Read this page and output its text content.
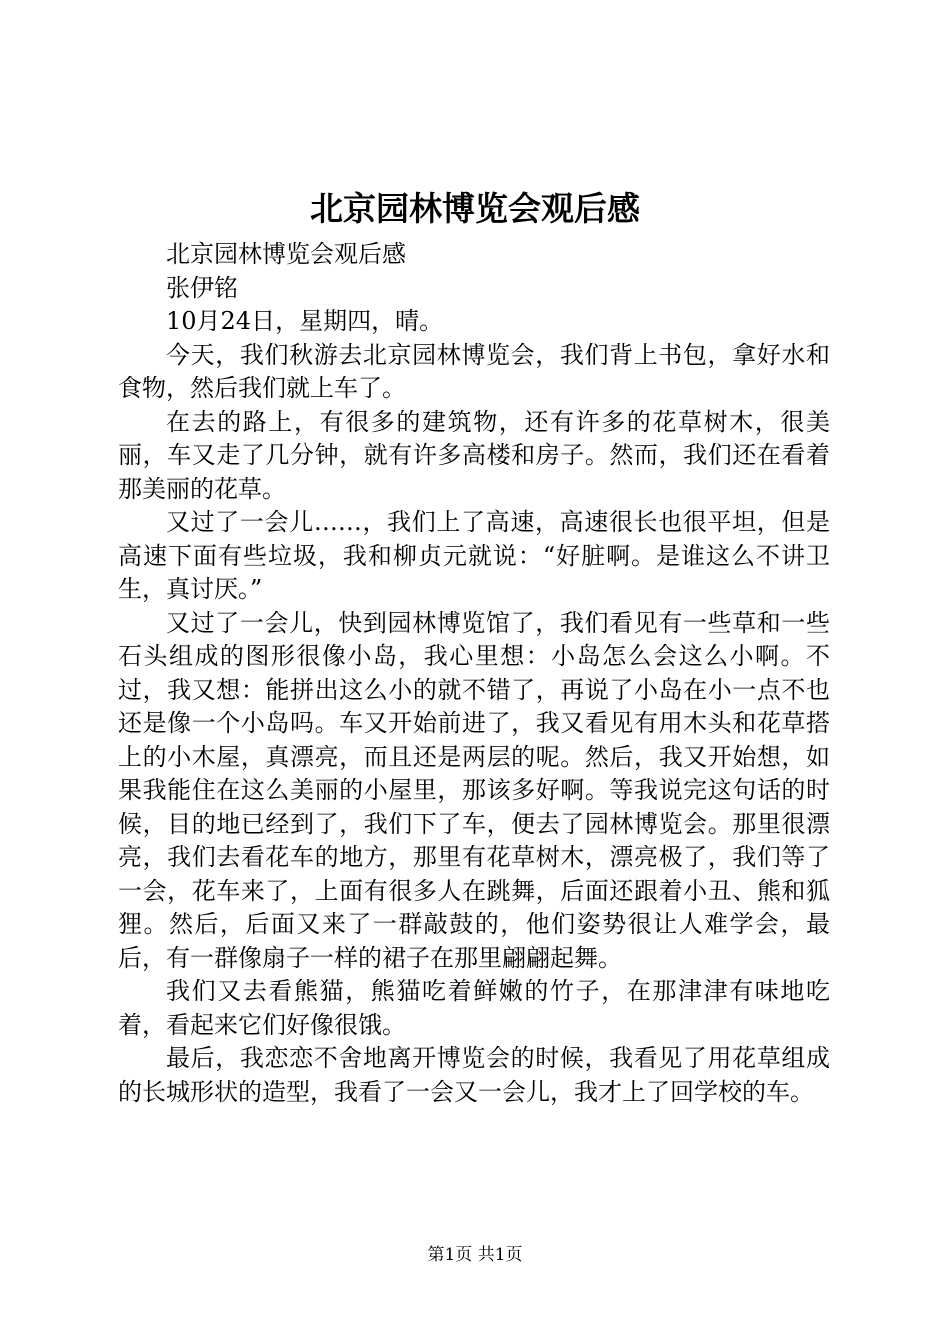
北京园林博览会观后感

北京园林博览会观后感

张伊铭

10月24日，星期四，晴。

今天，我们秋游去北京园林博览会，我们背上书包，拿好水和食物，然后我们就上车了。

在去的路上，有很多的建筑物，还有许多的花草树木，很美丽，车又走了几分钟，就有许多高楼和房子。然而，我们还在看着那美丽的花草。

又过了一会儿……，我们上了高速，高速很长也很平坦，但是高速下面有些垃圾，我和柳贞元就说：“好脏啊。是谁这么不讲卫生，真讨厌。”

又过了一会儿，快到园林博览馆了，我们看见有一些草和一些石头组成的图形很像小岛，我心里想：小岛怎么会这么小啊。不过，我又想：能拼出这么小的就不错了，再说了小岛在小一点不也还是像一个小岛吗。车又开始前进了，我又看见有用木头和花草搭上的小木屋，真漂亮，而且还是两层的呢。然后，我又开始想，如果我能住在这么美丽的小屋里，那该多好啊。等我说完这句话的时候，目的地已经到了，我们下了车，便去了园林博览会。那里很漂亮，我们去看花车的地方，那里有花草树木，漂亮极了，我们等了一会，花车来了，上面有很多人在跳舞，后面还跟着小丑、熊和狐狸。然后，后面又来了一群敲鼓的，他们姿势很让人难学会，最后，有一群像扇子一样的裙子在那里翩翩起舞。

我们又去看熊猫，熊猫吃着鲜嫩的竹子，在那津津有味地吃着，看起来它们好像很饿。

最后，我恋恋不舍地离开博览会的时候，我看见了用花草组成的长城形状的造型，我看了一会又一会儿，我才上了回学校的车。

第1页 共1页
